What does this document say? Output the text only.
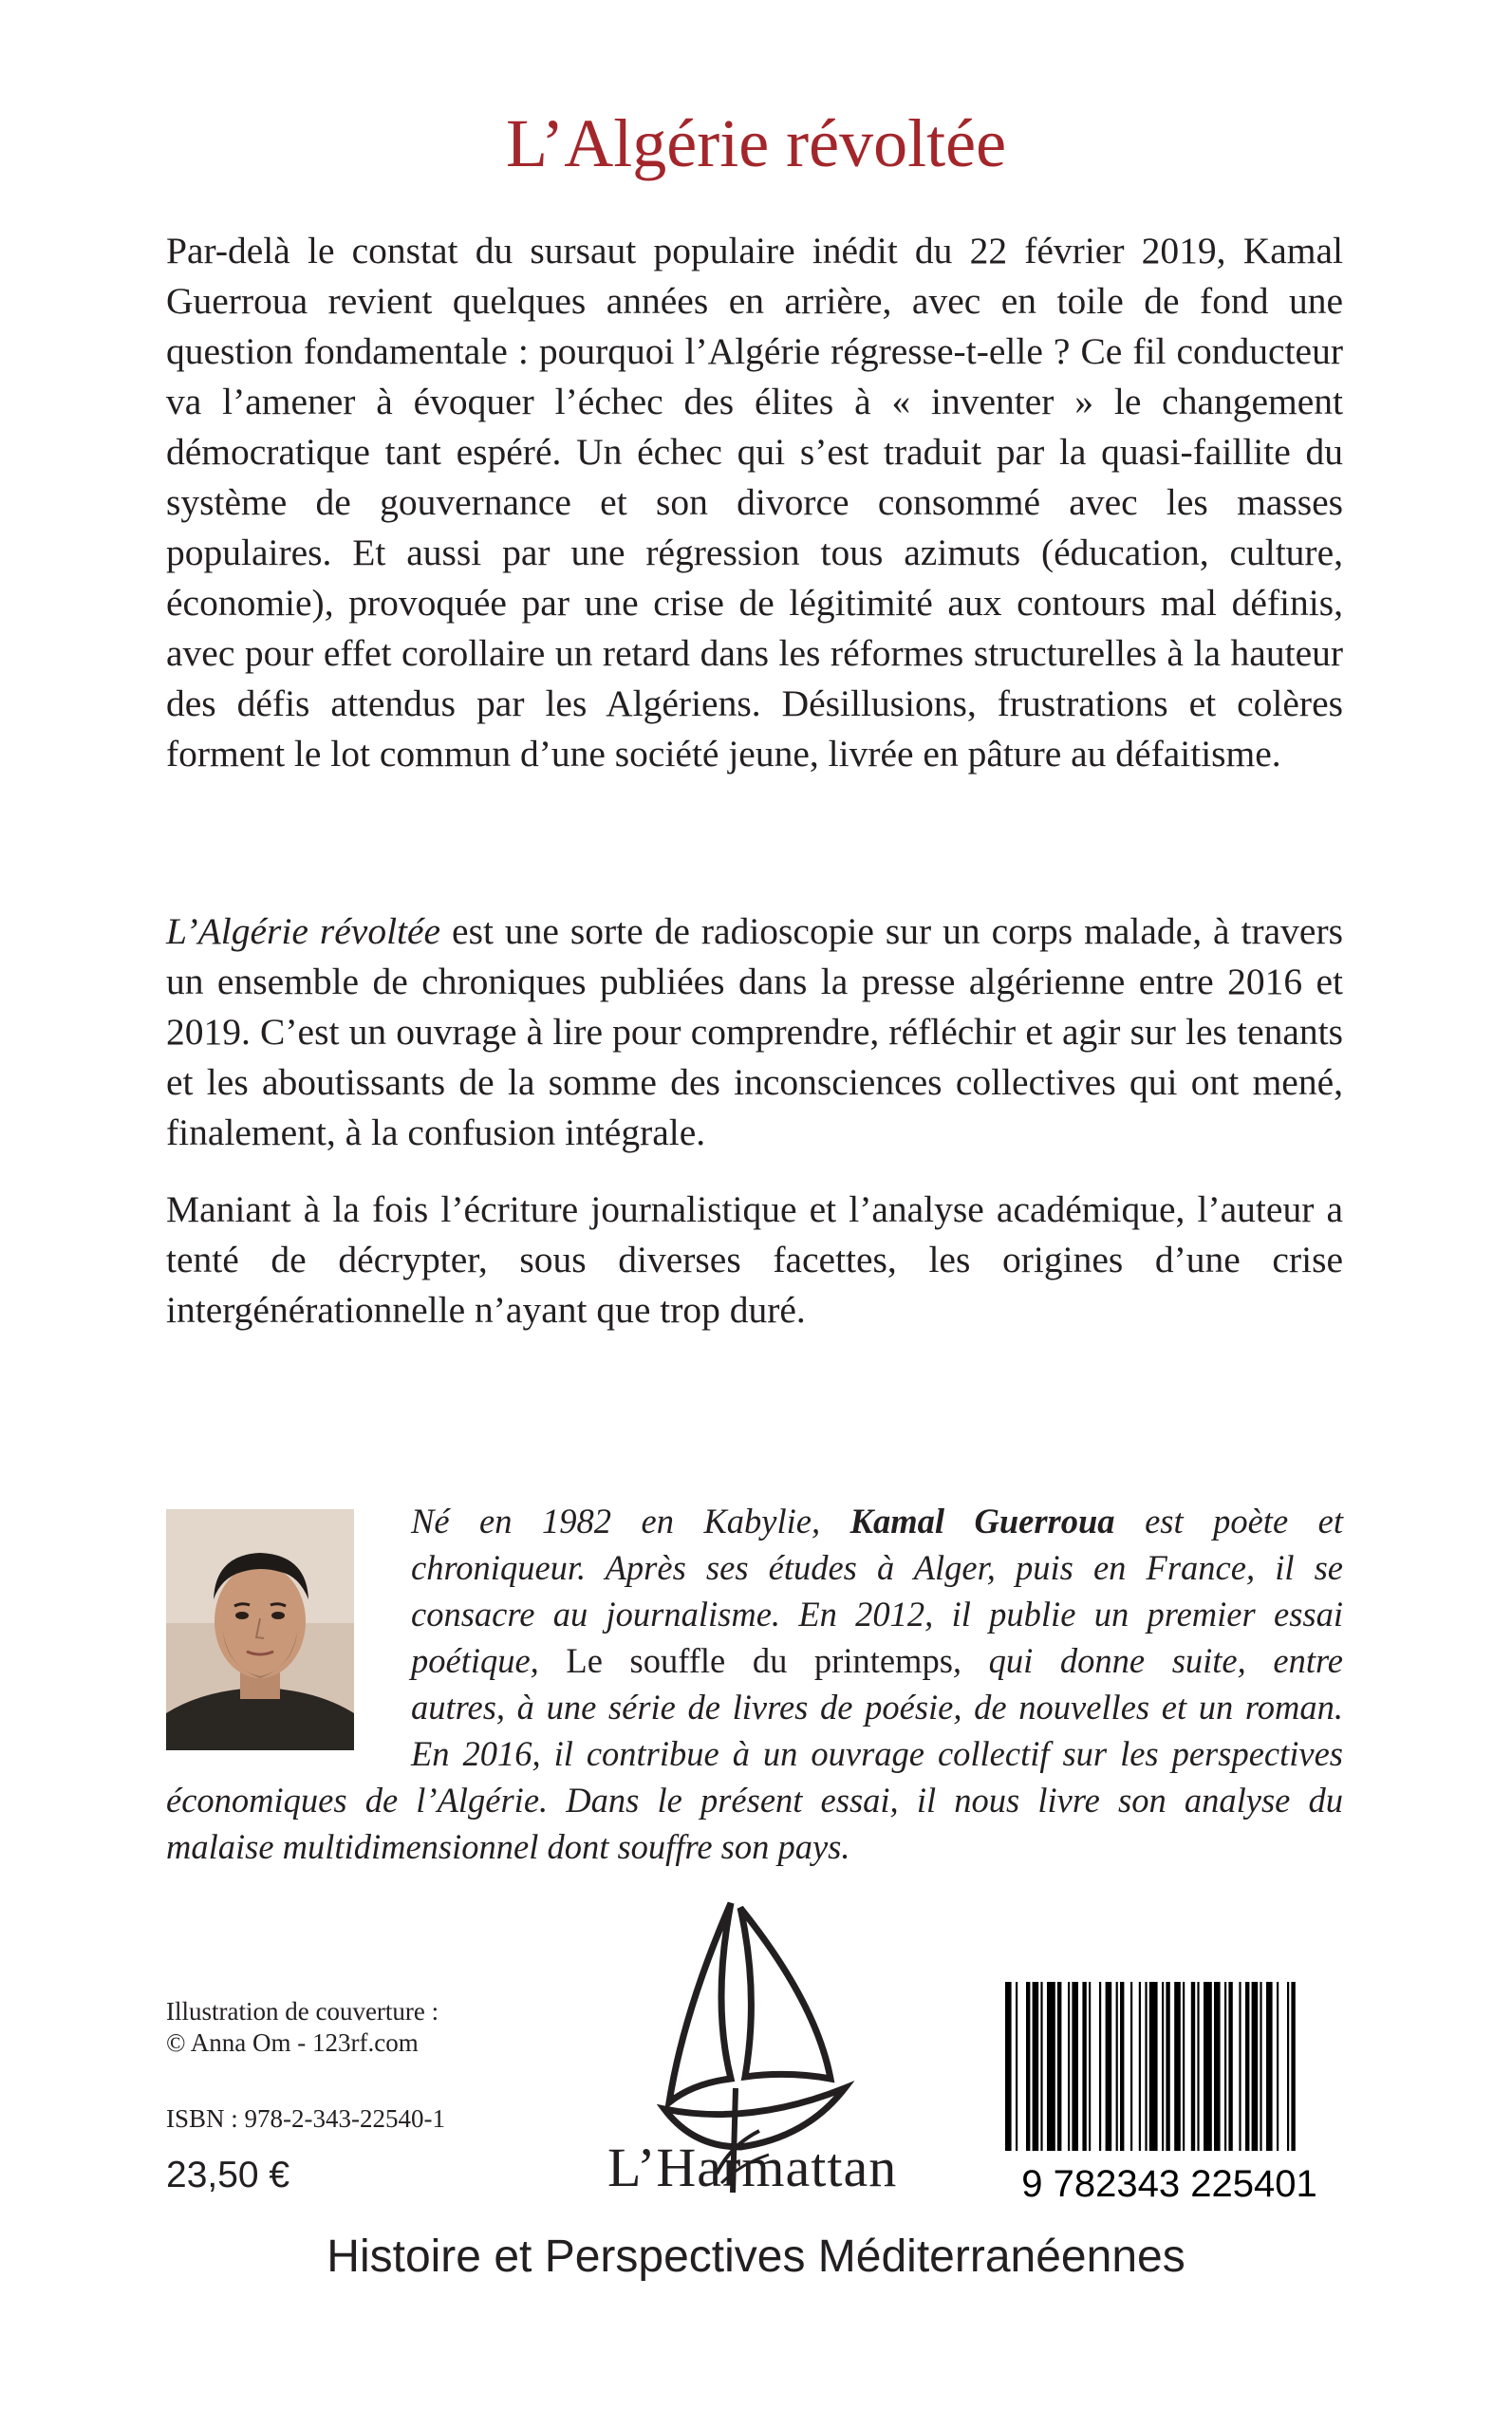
L’Algérie révoltée

Par-delà le constat du sursaut populaire inédit du 22 février 2019, Kamal Guerroua revient quelques années en arrière, avec en toile de fond une question fondamentale : pourquoi l’Algérie régresse-t-elle ? Ce fil conducteur va l’amener à évoquer l’échec des élites à « inventer » le changement démocratique tant espéré. Un échec qui s’est traduit par la quasi-faillite du système de gouvernance et son divorce consommé avec les masses populaires. Et aussi par une régression tous azimuts (éducation, culture, économie), provoquée par une crise de légitimité aux contours mal définis, avec pour effet corollaire un retard dans les réformes structurelles à la hauteur des défis attendus par les Algériens. Désillusions, frustrations et colères forment le lot commun d’une société jeune, livrée en pâture au défaitisme.

L’Algérie révoltée est une sorte de radioscopie sur un corps malade, à travers un ensemble de chroniques publiées dans la presse algérienne entre 2016 et 2019. C’est un ouvrage à lire pour comprendre, réfléchir et agir sur les tenants et les aboutissants de la somme des inconsciences collectives qui ont mené, finalement, à la confusion intégrale.

Maniant à la fois l’écriture journalistique et l’analyse académique, l’auteur a tenté de décrypter, sous diverses facettes, les origines d’une crise intergénérationnelle n’ayant que trop duré.

Né en 1982 en Kabylie, Kamal Guerroua est poète et
chroniqueur. Après ses études à Alger, puis en France, il se
consacre au journalisme. En 2012, il publie un premier essai
poétique, Le souffle du printemps, qui donne suite, entre
autres, à une série de livres de poésie, de nouvelles et un roman.
En 2016, il contribue à un ouvrage collectif sur les perspectives
économiques de l’Algérie. Dans le présent essai, il nous livre son analyse du
malaise multidimensionnel dont souffre son pays.
Illustration de couverture :
© Anna Om - 123rf.com
ISBN : 978-2-343-22540-1
23,50 €	L’Harmattan	9 782343 225401
Histoire et Perspectives Méditerranéennes
